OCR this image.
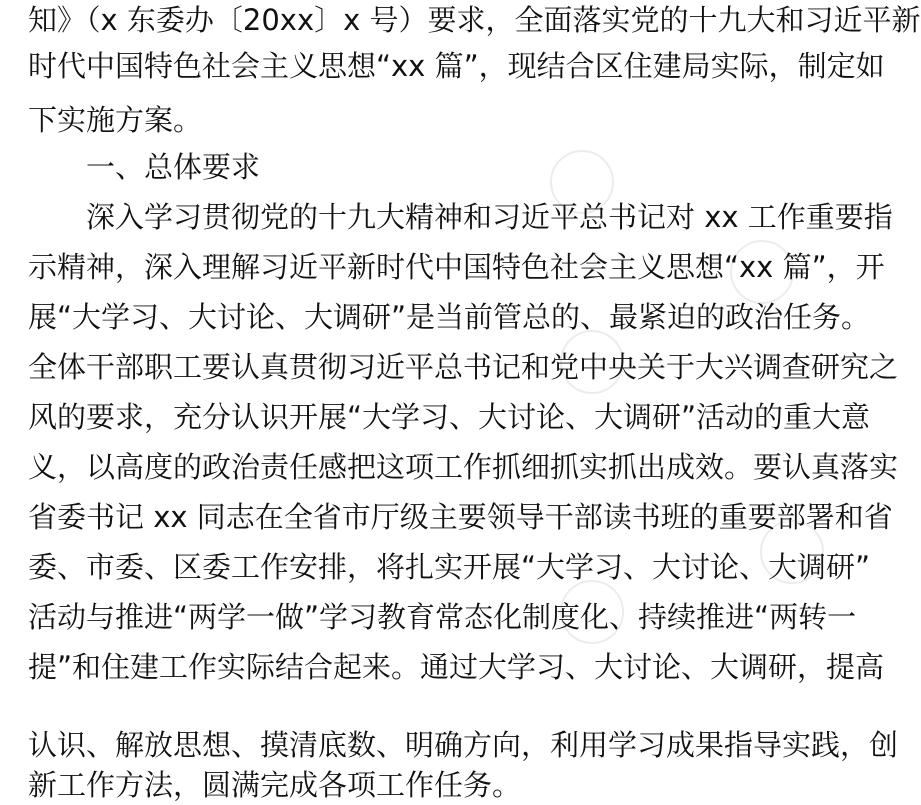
知》（x 东委办〔20xx〕x 号）要求，全面落实党的十九大和习近平新
时代中国特色社会主义思想“xx 篇”，现结合区住建局实际，制定如
下实施方案。
一、总体要求
深入学习贯彻党的十九大精神和习近平总书记对 xx 工作重要指
示精神，深入理解习近平新时代中国特色社会主义思想“xx 篇”，开
展“大学习、大讨论、大调研”是当前管总的、最紧迫的政治任务。
全体干部职工要认真贯彻习近平总书记和党中央关于大兴调查研究之
风的要求，充分认识开展“大学习、大讨论、大调研”活动的重大意
义，以高度的政治责任感把这项工作抓细抓实抓出成效。要认真落实
省委书记 xx 同志在全省市厅级主要领导干部读书班的重要部署和省
委、市委、区委工作安排，将扎实开展“大学习、大讨论、大调研”
活动与推进“两学一做”学习教育常态化制度化、持续推进“两转一
提”和住建工作实际结合起来。通过大学习、大讨论、大调研，提高
认识、解放思想、摸清底数、明确方向，利用学习成果指导实践，创
新工作方法，圆满完成各项工作任务。
